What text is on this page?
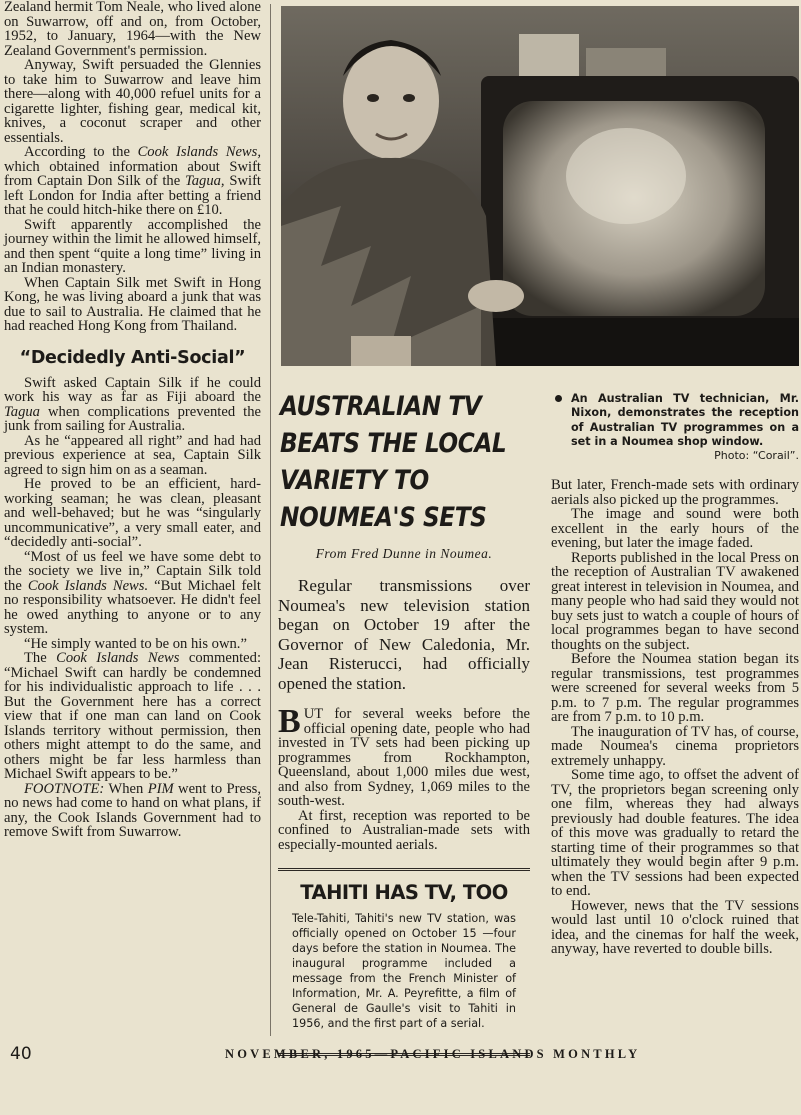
Zealand hermit Tom Neale, who lived alone on Suwarrow, off and on, from October, 1952, to January, 1964—with the New Zealand Government's permission.

Anyway, Swift persuaded the Glennies to take him to Suwarrow and leave him there—along with 40,000 refuel units for a cigarette lighter, fishing gear, medical kit, knives, a coconut scraper and other essentials.

According to the Cook Islands News, which obtained information about Swift from Captain Don Silk of the Tagua, Swift left London for India after betting a friend that he could hitch-hike there on £10.

Swift apparently accomplished the journey within the limit he allowed himself, and then spent “quite a long time” living in an Indian monastery.

When Captain Silk met Swift in Hong Kong, he was living aboard a junk that was due to sail to Australia. He claimed that he had reached Hong Kong from Thailand.

“Decidedly Anti-Social”

Swift asked Captain Silk if he could work his way as far as Fiji aboard the Tagua when complications prevented the junk from sailing for Australia.

As he “appeared all right” and had had previous experience at sea, Captain Silk agreed to sign him on as a seaman.

He proved to be an efficient, hard-working seaman; he was clean, pleasant and well-behaved; but he was “singularly uncommunicative”, a very small eater, and “decidedly anti-social”.

“Most of us feel we have some debt to the society we live in,” Captain Silk told the Cook Islands News. “But Michael felt no responsibility whatsoever. He didn't feel he owed anything to anyone or to any system.

“He simply wanted to be on his own.”

The Cook Islands News commented: “Michael Swift can hardly be condemned for his individualistic approach to life . . . But the Government here has a correct view that if one man can land on Cook Islands territory without permission, then others might attempt to do the same, and others might be far less harmless than Michael Swift appears to be.”

FOOTNOTE: When PIM went to Press, no news had come to hand on what plans, if any, the Cook Islands Government had to remove Swift from Suwarrow.

AUSTRALIAN TV
BEATS THE LOCAL
VARIETY TO
NOUMEA'S SETS

From Fred Dunne in Noumea.

Regular transmissions over Noumea's new television station began on October 19 after the Governor of New Caledonia, Mr. Jean Risterucci, had officially opened the station.

B UT for several weeks before the official opening date, people who had invested in TV sets had been picking up programmes from Rockhampton, Queensland, about 1,000 miles due west, and also from Sydney, 1,069 miles to the south-west.

At first, reception was reported to be confined to Australian-made sets with especially-mounted aerials.

TAHITI HAS TV, TOO

Tele-Tahiti, Tahiti's new TV station, was officially opened on October 15 —four days before the station in Noumea. The inaugural programme included a message from the French Minister of Information, Mr. A. Peyrefitte, a film of General de Gaulle's visit to Tahiti in 1956, and the first part of a serial.

An Australian TV technician, Mr. Nixon, demonstrates the reception of Australian TV programmes on a set in a Noumea shop window.

Photo: “Corail”.

But later, French-made sets with ordinary aerials also picked up the programmes.

The image and sound were both excellent in the early hours of the evening, but later the image faded.

Reports published in the local Press on the reception of Australian TV awakened great interest in television in Noumea, and many people who had said they would not buy sets just to watch a couple of hours of local programmes began to have second thoughts on the subject.

Before the Noumea station began its regular transmissions, test programmes were screened for several weeks from 5 p.m. to 7 p.m. The regular programmes are from 7 p.m. to 10 p.m.

The inauguration of TV has, of course, made Noumea's cinema proprietors extremely unhappy.

Some time ago, to offset the advent of TV, the proprietors began screening only one film, whereas they had always previously had double features. The idea of this move was gradually to retard the starting time of their programmes so that ultimately they would begin after 9 p.m. when the TV sessions had been expected to end.

However, news that the TV sessions would last until 10 o'clock ruined that idea, and the cinemas for half the week, anyway, have reverted to double bills.

40	NOVEMBER, 1965—PACIFIC ISLANDS MONTHLY
